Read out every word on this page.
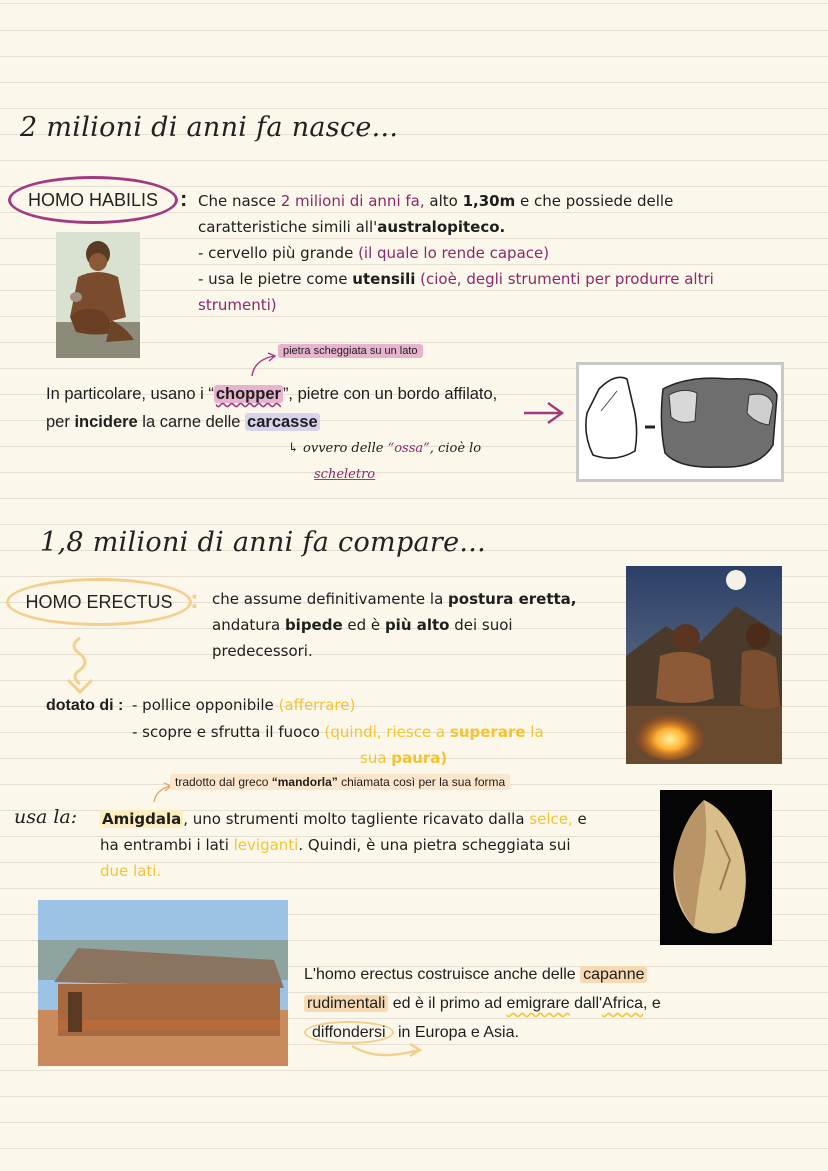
2 milioni di anni fa nasce...
HOMO HABILIS : Che nasce 2 milioni di anni fa, alto 1,30m e che possiede delle
caratteristiche simili all'australopiteco.
- cervello più grande (il quale lo rende capace)
- usa le pietre come utensili (cioè, degli strumenti per produrre altri
strumenti)
pietra scheggiata su un lato
In particolare, usano i “ chopper ”, pietre con un bordo affilato,
per incidere la carne delle carcasse
↳ ovvero delle “ossa”, cioè lo
scheletro
1,8 milioni di anni fa compare...
HOMO ERECTUS : che assume definitivamente la postura eretta,
andatura bipede ed è più alto dei suoi
predecessori.
dotato di : - pollice opponibile (afferrare)
- scopre e sfrutta il fuoco (quindi, riesce a superare la
sua paura)
tradotto dal greco “mandorla” chiamata così per la sua forma
usa la: Amigdala , uno strumenti molto tagliente ricavato dalla selce, e
ha entrambi i lati leviganti. Quindi, è una pietra scheggiata sui
due lati.
L'homo erectus costruisce anche delle capanne
rudimentali ed è il primo ad emigrare dall'Africa, e
diffondersi in Europa e Asia.
